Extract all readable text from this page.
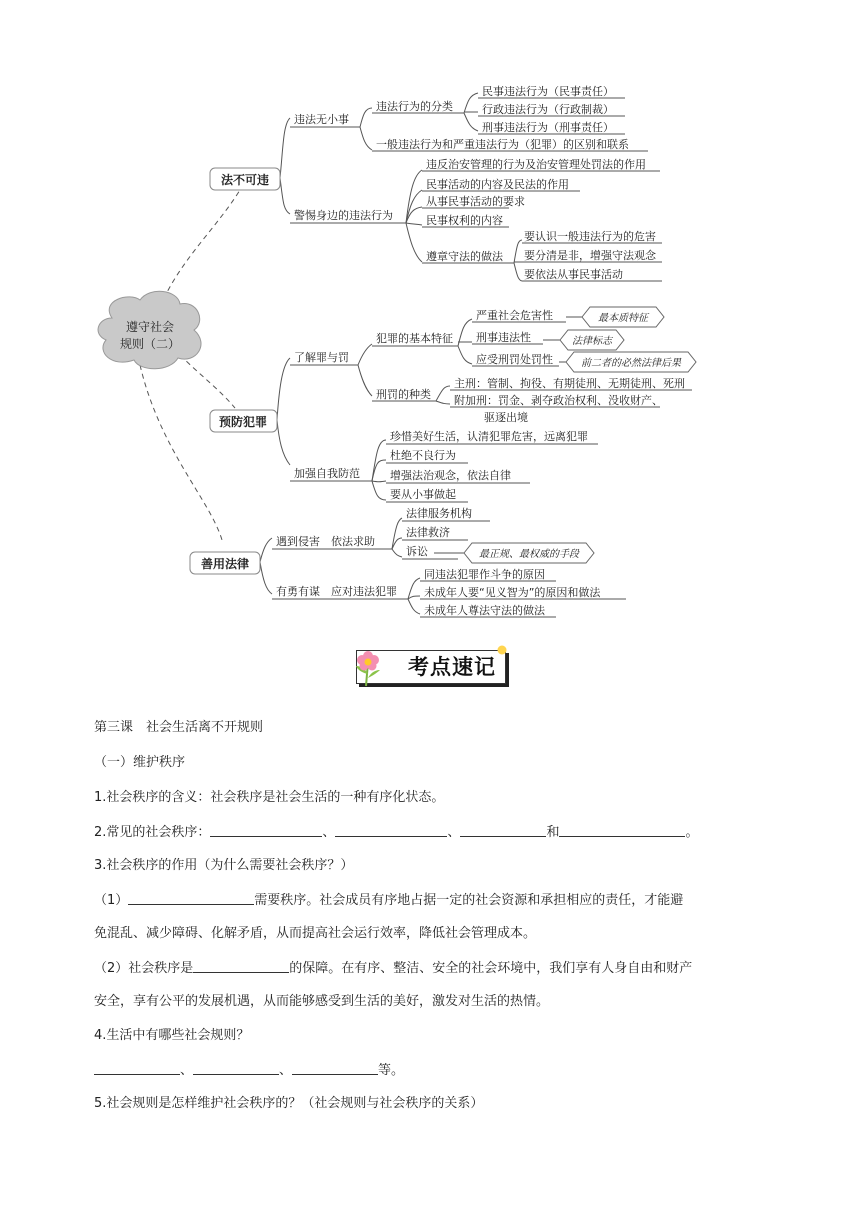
遵守社会
规则（二）
法不可违
预防犯罪
善用法律
违法无小事
违法行为的分类
民事违法行为（民事责任）
行政违法行为（行政制裁）
刑事违法行为（刑事责任）
一般违法行为和严重违法行为（犯罪）的区别和联系
警惕身边的违法行为
违反治安管理的行为及治安管理处罚法的作用
民事活动的内容及民法的作用
从事民事活动的要求
民事权利的内容
遵章守法的做法
要认识一般违法行为的危害
要分清是非，增强守法观念
要依法从事民事活动
了解罪与罚
犯罪的基本特征
严重社会危害性
刑事违法性
应受刑罚处罚性
刑罚的种类
主刑：管制、拘役、有期徒刑、无期徒刑、死刑
附加刑：罚金、剥夺政治权利、没收财产、
驱逐出境
加强自我防范
珍惜美好生活，认清犯罪危害，远离犯罪
杜绝不良行为
增强法治观念，依法自律
要从小事做起
遇到侵害　依法求助
法律服务机构
法律救济
诉讼
有勇有谋　应对违法犯罪
同违法犯罪作斗争的原因
未成年人要“见义智为”的原因和做法
未成年人尊法守法的做法
最本质特征
法律标志
前二者的必然法律后果
最正规、最权威的手段
考点速记
第三课　社会生活离不开规则
（一）维护秩序
1.社会秩序的含义：社会秩序是社会生活的一种有序化状态。
2.常见的社会秩序：	、	、	和	。
3.社会秩序的作用（为什么需要社会秩序？）
（1）	需要秩序。社会成员有序地占据一定的社会资源和承担相应的责任，才能避
免混乱、减少障碍、化解矛盾，从而提高社会运行效率，降低社会管理成本。
（2）社会秩序是	的保障。在有序、整洁、安全的社会环境中，我们享有人身自由和财产
安全，享有公平的发展机遇，从而能够感受到生活的美好，激发对生活的热情。
4.生活中有哪些社会规则？
、	、	等。
5.社会规则是怎样维护社会秩序的？（社会规则与社会秩序的关系）
